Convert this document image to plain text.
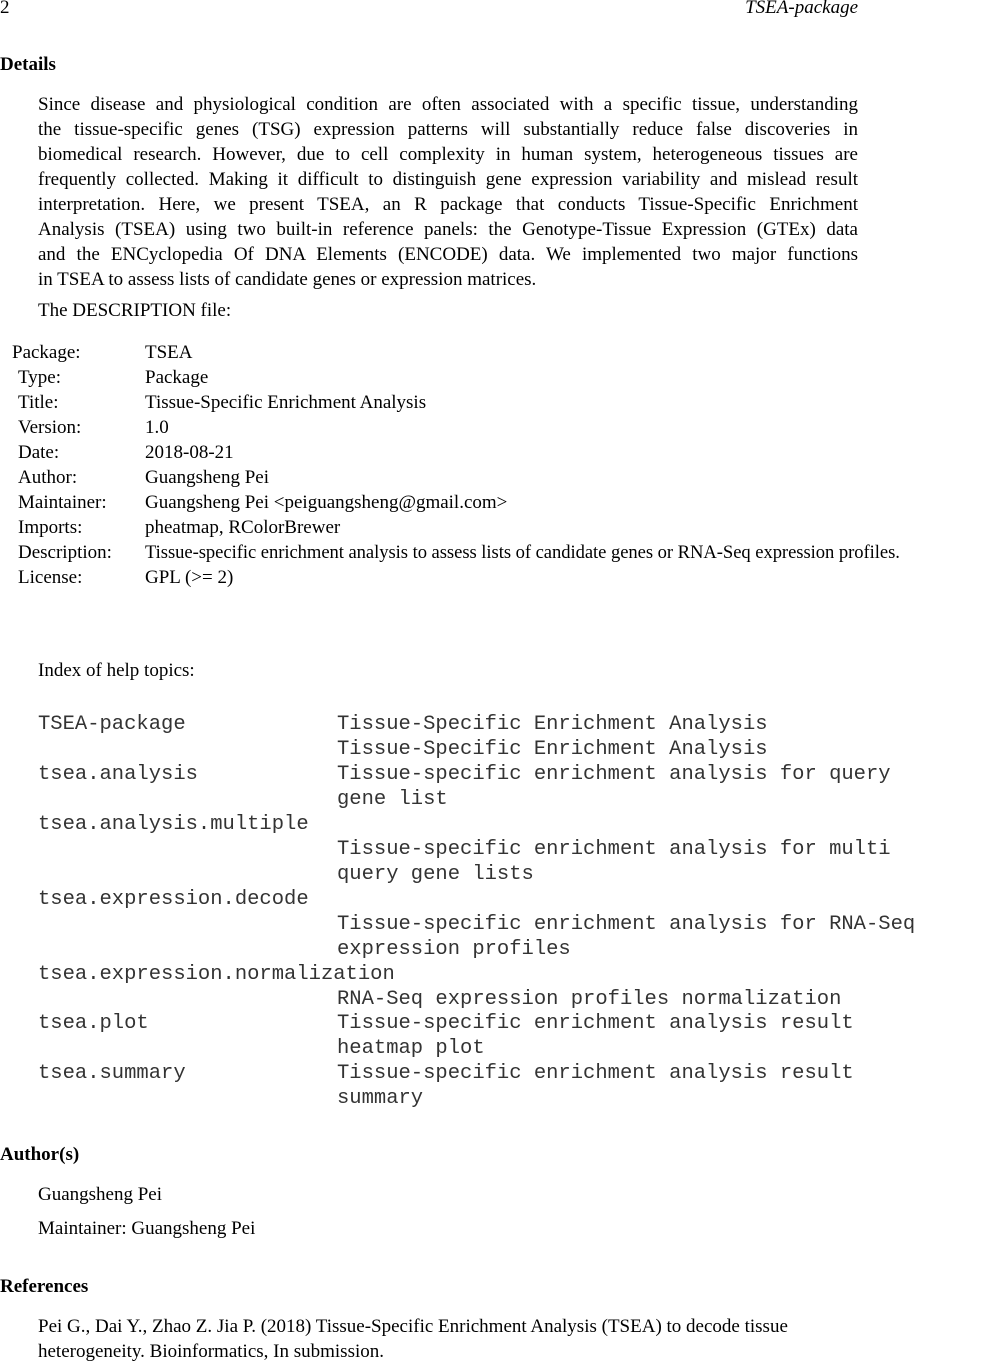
2	TSEA-package
Details
Since disease and physiological condition are often associated with a specific tissue, understanding
the tissue-specific genes (TSG) expression patterns will substantially reduce false discoveries in
biomedical research. However, due to cell complexity in human system, heterogeneous tissues are
frequently collected. Making it difficult to distinguish gene expression variability and mislead result
interpretation. Here, we present TSEA, an R package that conducts Tissue-Specific Enrichment
Analysis (TSEA) using two built-in reference panels: the Genotype-Tissue Expression (GTEx) data
and the ENCyclopedia Of DNA Elements (ENCODE) data. We implemented two major functions
in TSEA to assess lists of candidate genes or expression matrices.
The DESCRIPTION file:
Package:	TSEA
Type:	Package
Title:	Tissue-Specific Enrichment Analysis
Version:	1.0
Date:	2018-08-21
Author:	Guangsheng Pei
Maintainer: Guangsheng Pei <peiguangsheng@gmail.com>
Imports:	pheatmap, RColorBrewer
Description: Tissue-specific enrichment analysis to assess lists of candidate genes or RNA-Seq expression profiles.
License:	GPL (>= 2)
Index of help topics:
TSEA-package	Tissue-Specific Enrichment Analysis
Tissue-Specific Enrichment Analysis
tsea.analysis	Tissue-specific enrichment analysis for query
gene list
tsea.analysis.multiple
Tissue-specific enrichment analysis for multi
query gene lists
tsea.expression.decode
Tissue-specific enrichment analysis for RNA-Seq
expression profiles
tsea.expression.normalization
RNA-Seq expression profiles normalization
tsea.plot	Tissue-specific enrichment analysis result
heatmap plot
tsea.summary	Tissue-specific enrichment analysis result
summary
Author(s)
Guangsheng Pei
Maintainer: Guangsheng Pei
References
Pei G., Dai Y., Zhao Z. Jia P. (2018) Tissue-Specific Enrichment Analysis (TSEA) to decode tissue
heterogeneity. Bioinformatics, In submission.
